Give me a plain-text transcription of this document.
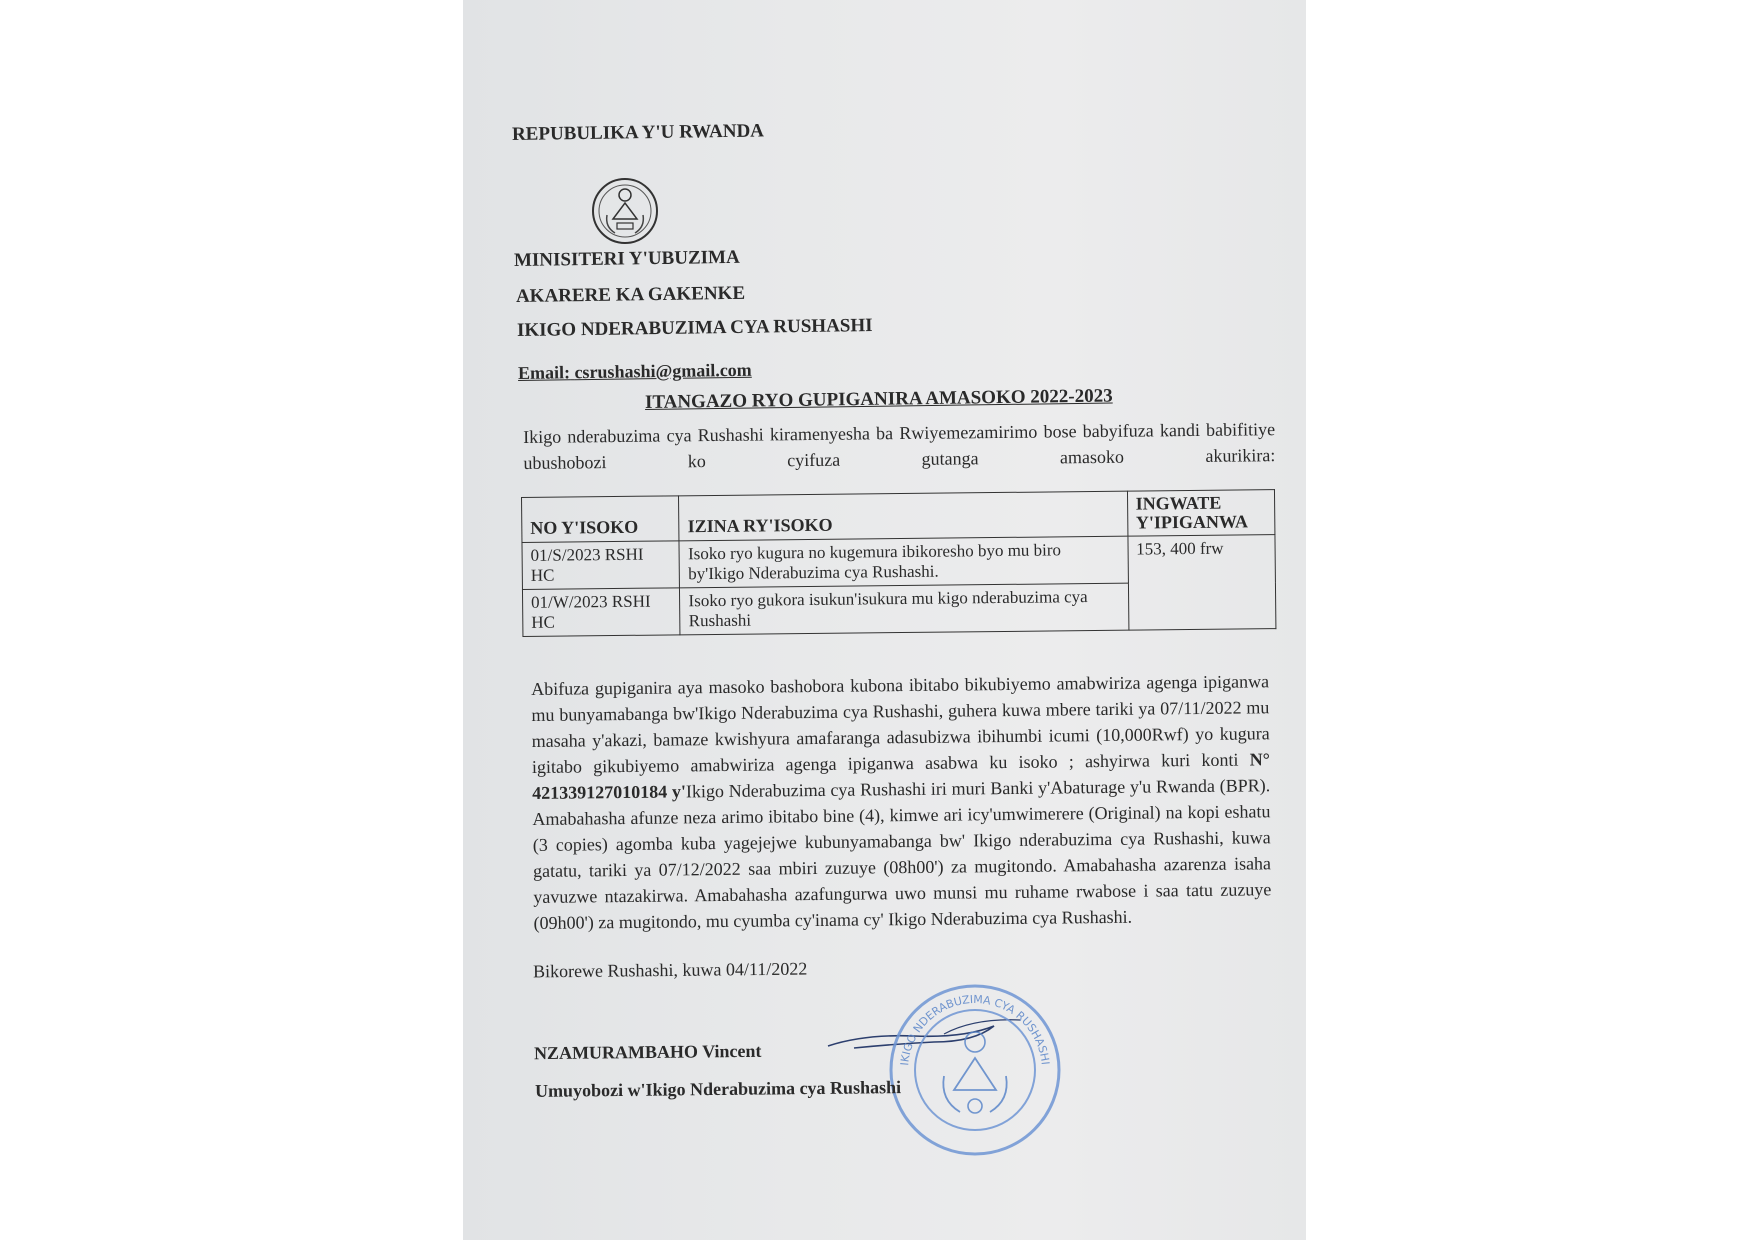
REPUBULIKA Y'U RWANDA
MINISITERI Y'UBUZIMA
AKARERE KA GAKENKE
IKIGO NDERABUZIMA CYA RUSHASHI
Email: csrushashi@gmail.com
ITANGAZO RYO GUPIGANIRA AMASOKO 2022-2023
Ikigo nderabuzima cya Rushashi kiramenyesha ba Rwiyemezamirimo bose babyifuza kandi babifitiye ubushobozi ko cyifuza gutanga amasoko akurikira:
NO Y'ISOKO	IZINA RY'ISOKO	INGWATE Y'IPIGANWA

01/S/2023 RSHI HC	Isoko ryo kugura no kugemura ibikoresho byo mu biro by'Ikigo Nderabuzima cya Rushashi.	153, 400 frw

01/W/2023 RSHI HC	Isoko ryo gukora isukun'isukura mu kigo nderabuzima cya Rushashi	
Abifuza gupiganira aya masoko bashobora kubona ibitabo bikubiyemo amabwiriza agenga ipiganwa mu bunyamabanga bw'Ikigo Nderabuzima cya Rushashi, guhera kuwa mbere tariki ya 07/11/2022 mu masaha y'akazi, bamaze kwishyura amafaranga adasubizwa ibihumbi icumi (10,000Rwf) yo kugura igitabo gikubiyemo amabwiriza agenga ipiganwa asabwa ku isoko ; ashyirwa kuri konti N° 421339127010184 y'Ikigo Nderabuzima cya Rushashi iri muri Banki y'Abaturage y'u Rwanda (BPR). Amabahasha afunze neza arimo ibitabo bine (4), kimwe ari icy'umwimerere (Original) na kopi eshatu (3 copies) agomba kuba yagejejwe kubunyamabanga bw' Ikigo nderabuzima cya Rushashi, kuwa gatatu, tariki ya 07/12/2022 saa mbiri zuzuye (08h00') za mugitondo. Amabahasha azarenza isaha yavuzwe ntazakirwa. Amabahasha azafungurwa uwo munsi mu ruhame rwabose i saa tatu zuzuye (09h00') za mugitondo, mu cyumba cy'inama cy' Ikigo Nderabuzima cya Rushashi.
Bikorewe Rushashi, kuwa 04/11/2022
IKIGO NDERABUZIMA CYA RUSHASHI
NZAMURAMBAHO Vincent
Umuyobozi w'Ikigo Nderabuzima cya Rushashi
